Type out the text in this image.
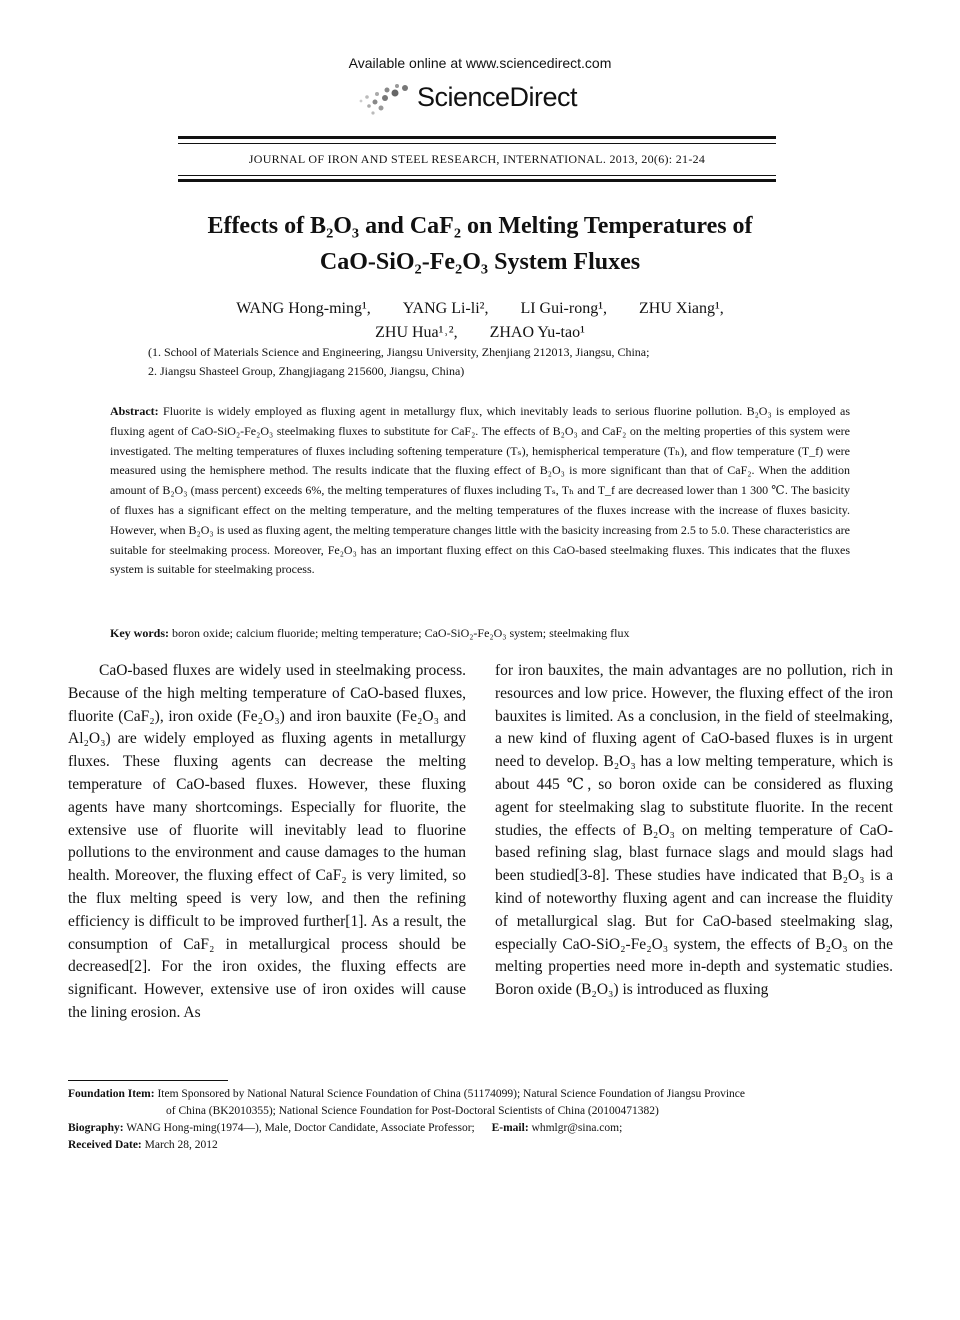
Available online at www.sciencedirect.com
ScienceDirect
JOURNAL OF IRON AND STEEL RESEARCH, INTERNATIONAL. 2013, 20(6): 21-24
Effects of B₂O₃ and CaF₂ on Melting Temperatures of
CaO-SiO₂-Fe₂O₃ System Fluxes
WANG Hong-ming¹, YANG Li-li², LI Gui-rong¹, ZHU Xiang¹,
ZHU Hua¹˒², ZHAO Yu-tao¹
(1. School of Materials Science and Engineering, Jiangsu University, Zhenjiang 212013, Jiangsu, China;
2. Jiangsu Shasteel Group, Zhangjiagang 215600, Jiangsu, China)
Abstract: Fluorite is widely employed as fluxing agent in metallurgy flux, which inevitably leads to serious fluorine pollution. B₂O₃ is employed as fluxing agent of CaO-SiO₂-Fe₂O₃ steelmaking fluxes to substitute for CaF₂. The effects of B₂O₃ and CaF₂ on the melting properties of this system were investigated. The melting temperatures of fluxes including softening temperature (Tₛ), hemispherical temperature (Tₕ), and flow temperature (T_f) were measured using the hemisphere method. The results indicate that the fluxing effect of B₂O₃ is more significant than that of CaF₂. When the addition amount of B₂O₃ (mass percent) exceeds 6%, the melting temperatures of fluxes including Tₛ, Tₕ and T_f are decreased lower than 1 300 ℃. The basicity of fluxes has a significant effect on the melting temperature, and the melting temperatures of the fluxes increase with the increase of fluxes basicity. However, when B₂O₃ is used as fluxing agent, the melting temperature changes little with the basicity increasing from 2.5 to 5.0. These characteristics are suitable for steelmaking process. Moreover, Fe₂O₃ has an important fluxing effect on this CaO-based steelmaking fluxes. This indicates that the fluxes system is suitable for steelmaking process.
Key words: boron oxide; calcium fluoride; melting temperature; CaO-SiO₂-Fe₂O₃ system; steelmaking flux

CaO-based fluxes are widely used in steelmaking process. Because of the high melting temperature of CaO-based fluxes, fluorite (CaF₂), iron oxide (Fe₂O₃) and iron bauxite (Fe₂O₃ and Al₂O₃) are widely employed as fluxing agents in metallurgy fluxes. These fluxing agents can decrease the melting temperature of CaO-based fluxes. However, these fluxing agents have many shortcomings. Especially for fluorite, the extensive use of fluorite will inevitably lead to fluorine pollutions to the environment and cause damages to the human health. Moreover, the fluxing effect of CaF₂ is very limited, so the flux melting speed is very low, and then the refining efficiency is difficult to be improved further[1]. As a result, the consumption of CaF₂ in metallurgical process should be decreased[2]. For the iron oxides, the fluxing effects are significant. However, extensive use of iron oxides will cause the lining erosion. As

for iron bauxites, the main advantages are no pollution, rich in resources and low price. However, the fluxing effect of the iron bauxites is limited. As a conclusion, in the field of steelmaking, a new kind of fluxing agent of CaO-based fluxes is in urgent need to develop. B₂O₃ has a low melting temperature, which is about 445 ℃, so boron oxide can be considered as fluxing agent for steelmaking slag to substitute fluorite. In the recent studies, the effects of B₂O₃ on melting temperature of CaO-based refining slag, blast furnace slags and mould slags had been studied[3-8]. These studies have indicated that B₂O₃ is a kind of noteworthy fluxing agent and can increase the fluidity of metallurgical slag. But for CaO-based steelmaking slag, especially CaO-SiO₂-Fe₂O₃ system, the effects of B₂O₃ on the melting properties need more in-depth and systematic studies. Boron oxide (B₂O₃) is introduced as fluxing

Foundation Item: Item Sponsored by National Natural Science Foundation of China (51174099); Natural Science Foundation of Jiangsu Province
of China (BK2010355); National Science Foundation for Post-Doctoral Scientists of China (20100471382)
Biography: WANG Hong-ming(1974—), Male, Doctor Candidate, Associate Professor; E-mail: whmlgr@sina.com;
Received Date: March 28, 2012
